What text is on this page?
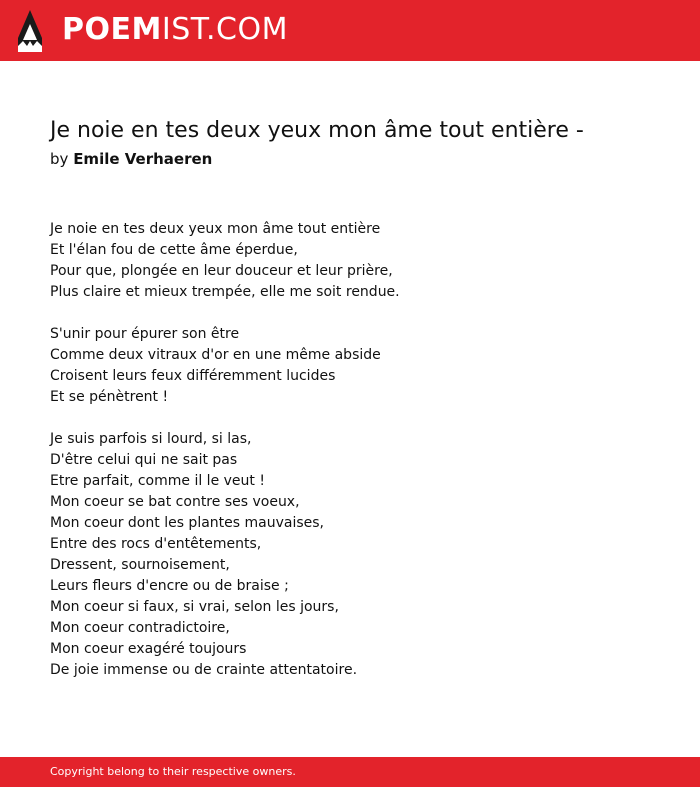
POEMIST.COM
Je noie en tes deux yeux mon âme tout entière -
by Emile Verhaeren
Je noie en tes deux yeux mon âme tout entière
Et l'élan fou de cette âme éperdue,
Pour que, plongée en leur douceur et leur prière,
Plus claire et mieux trempée, elle me soit rendue.
S'unir pour épurer son être
Comme deux vitraux d'or en une même abside
Croisent leurs feux différemment lucides
Et se pénètrent !
Je suis parfois si lourd, si las,
D'être celui qui ne sait pas
Etre parfait, comme il le veut !
Mon coeur se bat contre ses voeux,
Mon coeur dont les plantes mauvaises,
Entre des rocs d'entêtements,
Dressent, sournoisement,
Leurs fleurs d'encre ou de braise ;
Mon coeur si faux, si vrai, selon les jours,
Mon coeur contradictoire,
Mon coeur exagéré toujours
De joie immense ou de crainte attentatoire.
Copyright belong to their respective owners.
